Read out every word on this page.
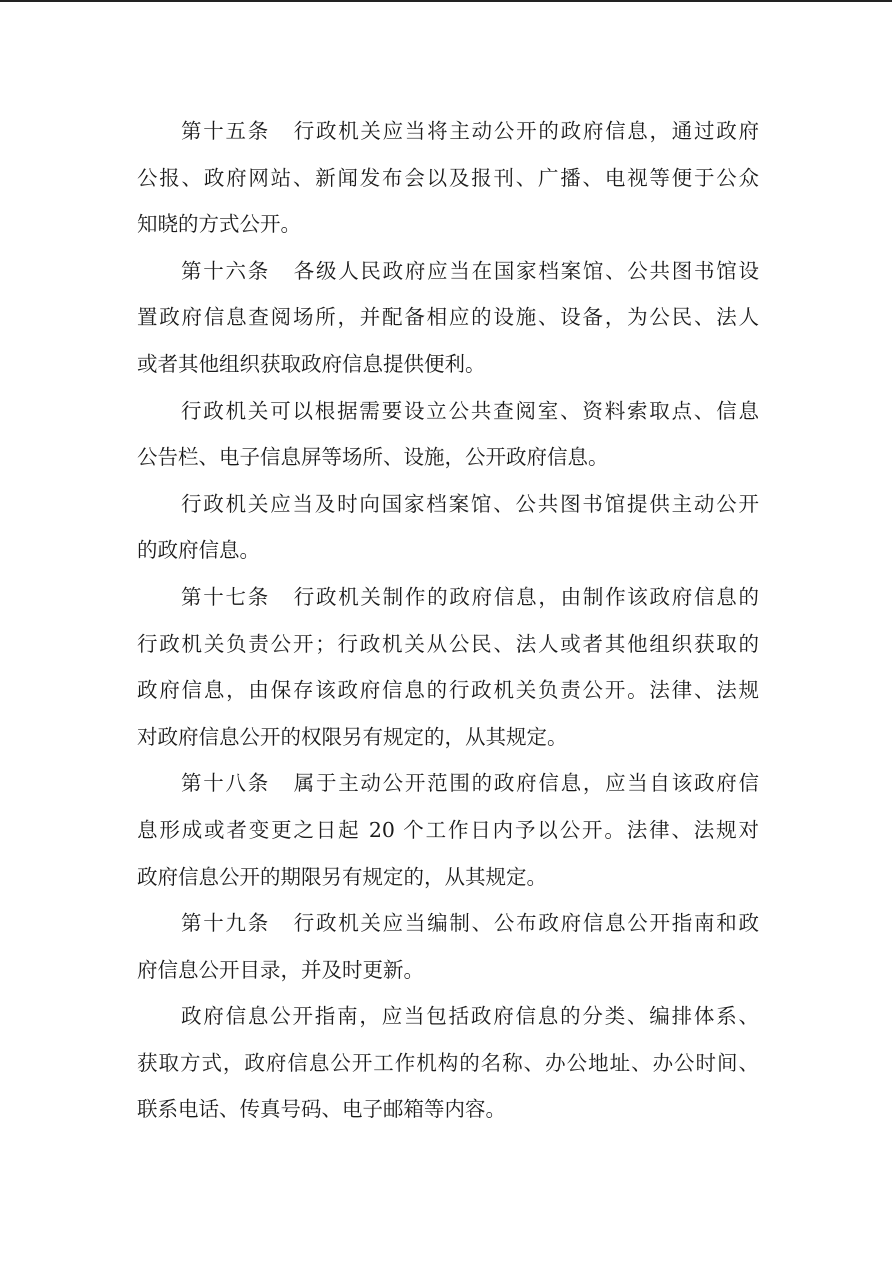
第十五条 行政机关应当将主动公开的政府信息，通过政府
公报、政府网站、新闻发布会以及报刊、广播、电视等便于公众
知晓的方式公开。
第十六条 各级人民政府应当在国家档案馆、公共图书馆设
置政府信息查阅场所，并配备相应的设施、设备，为公民、法人
或者其他组织获取政府信息提供便利。
行政机关可以根据需要设立公共查阅室、资料索取点、信息
公告栏、电子信息屏等场所、设施，公开政府信息。
行政机关应当及时向国家档案馆、公共图书馆提供主动公开
的政府信息。
第十七条 行政机关制作的政府信息，由制作该政府信息的
行政机关负责公开；行政机关从公民、法人或者其他组织获取的
政府信息，由保存该政府信息的行政机关负责公开。法律、法规
对政府信息公开的权限另有规定的，从其规定。
第十八条 属于主动公开范围的政府信息，应当自该政府信
息形成或者变更之日起 20 个工作日内予以公开。法律、法规对
政府信息公开的期限另有规定的，从其规定。
第十九条 行政机关应当编制、公布政府信息公开指南和政
府信息公开目录，并及时更新。
政府信息公开指南，应当包括政府信息的分类、编排体系、
获取方式，政府信息公开工作机构的名称、办公地址、办公时间、
联系电话、传真号码、电子邮箱等内容。
